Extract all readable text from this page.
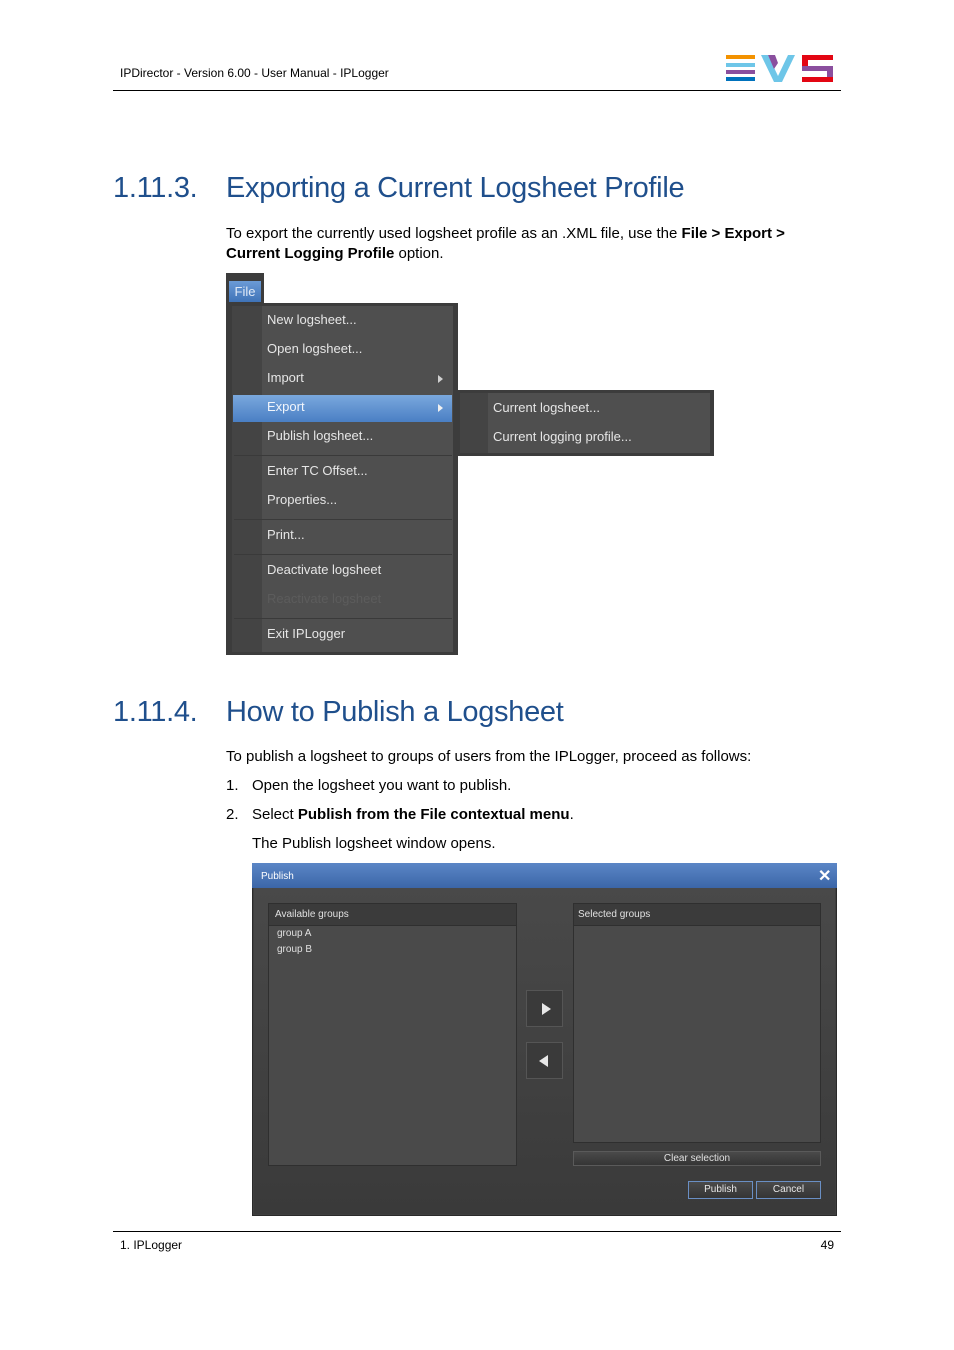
IPDirector - Version 6.00 - User Manual - IPLogger
1.11.3. Exporting a Current Logsheet Profile
To export the currently used logsheet profile as an .XML file, use the File > Export >
Current Logging Profile option.
File
New logsheet...
Open logsheet...
Import
Export
Publish logsheet...
Enter TC Offset...
Properties...
Print...
Deactivate logsheet
Reactivate logsheet
Exit IPLogger
Current logsheet...
Current logging profile...
1.11.4. How to Publish a Logsheet
To publish a logsheet to groups of users from the IPLogger, proceed as follows:
1. Open the logsheet you want to publish.
2. Select Publish from the File contextual menu.
The Publish logsheet window opens.
Publish	✕
Available groups
group A
group B
Selected groups
Clear selection
Publish	Cancel
1. IPLogger	49
